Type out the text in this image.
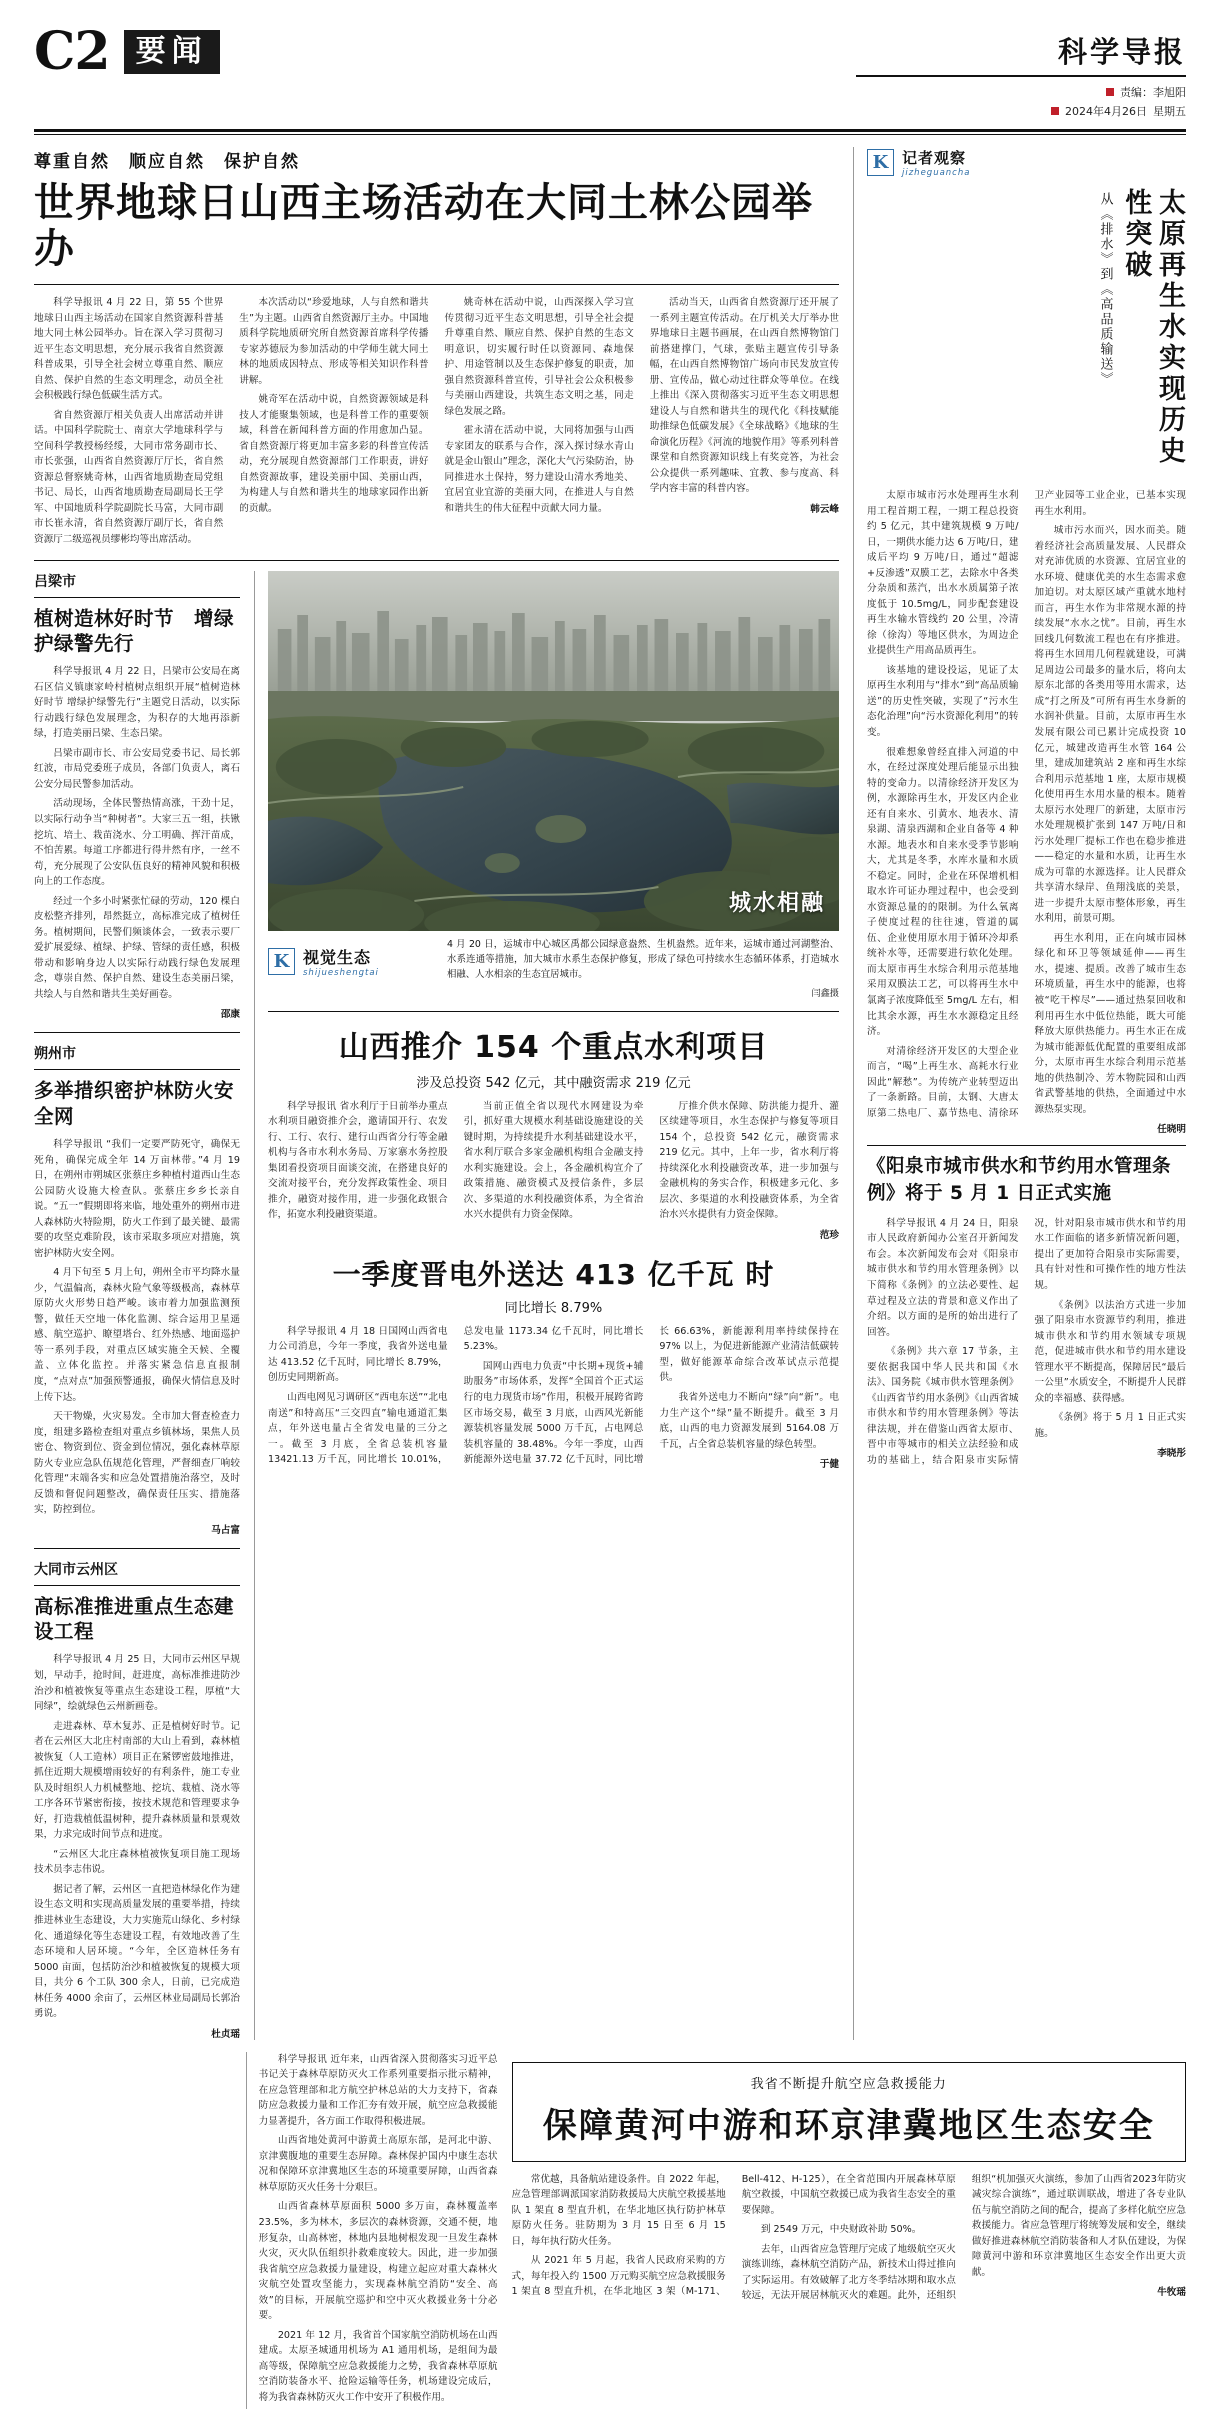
C2 要闻	科学导报
责编：李旭阳
2024年4月26日 星期五
尊重自然　顺应自然　保护自然
世界地球日山西主场活动在大同土林公园举办

科学导报讯 4 月 22 日，第 55 个世界地球日山西主场活动在国家自然资源科普基地大同土林公园举办。旨在深入学习贯彻习近平生态文明思想，充分展示我省自然资源科普成果，引导全社会树立尊重自然、顺应自然、保护自然的生态文明理念，动员全社会积极践行绿色低碳生活方式。

省自然资源厅相关负责人出席活动并讲话。中国科学院院士、南京大学地球科学与空间科学教授杨经绥，大同市常务副市长、市长张强，山西省自然资源厅厅长，省自然资源总督察姚奇林，山西省地质勘查局党组书记、局长，山西省地质勘查局副局长王学军、中国地质科学院副院长马富，大同市副市长崔永清，省自然资源厅副厅长，省自然资源厅二级巡视员缪彬均等出席活动。

本次活动以“珍爱地球，人与自然和谐共生”为主题。山西省自然资源厅主办。中国地质科学院地质研究所自然资源首席科学传播专家苏德辰为参加活动的中学师生就大同土林的地质成因特点、形成等相关知识作科普讲解。

姚奇军在活动中说，自然资源领域是科技人才能聚集领域，也是科普工作的重要领域，科普在新闻科普方面的作用愈加凸显。省自然资源厅将更加丰富多彩的科普宣传活动，充分展现自然资源部门工作职责，讲好自然资源故事，建设美丽中国、美丽山西，为构建人与自然和谐共生的地球家园作出新的贡献。

姚奇林在活动中说，山西深探入学习宣传贯彻习近平生态文明思想，引导全社会提升尊重自然、顺应自然、保护自然的生态文明意识，切实履行时任以资源同、森地保护、用途管制以及生态保护修复的职责，加强自然资源科普宣传，引导社会公众积极参与美丽山西建设，共筑生态文明之基，同走绿色发展之路。

霍永清在活动中说，大同将加强与山西专家团友的联系与合作，深入探讨绿水青山就是金山银山”理念，深化大气污染防治，协同推进水土保持，努力建设山清水秀地美、宜居宜业宜游的美丽大同，在推进人与自然和谐共生的伟大征程中贡献大同力量。

活动当天，山西省自然资源厅还开展了一系列主题宣传活动。在厅机关大厅举办世界地球日主题书画展，在山西自然博物馆门前搭建撑门，气球，张贴主题宣传引导条幅，在山西自然博物馆广场向市民发放宣传册、宣传品，做心动过往群众等单位。在线上推出《深入贯彻落实习近平生态文明思想 建设人与自然和谐共生的现代化《科技赋能 助推绿色低碳发展》《全球战略》《地球的生命演化历程》《河流的地貌作用》等系列科普课堂和自然资源知识线上有奖竞答，为社会公众提供一系列趣味、宜教、参与度高、科学内容丰富的科普内容。

韩云峰
吕梁市
植树造林好时节　增绿护绿警先行

科学导报讯 4 月 22 日，吕梁市公安局在离石区信义镇康家岭村植树点组织开展“植树造林好时节 增绿护绿警先行”主题党日活动，以实际行动践行绿色发展理念，为积存的大地再添新绿，打造美丽吕梁、生态吕梁。

吕梁市副市长、市公安局党委书记、局长郭红波，市局党委班子成员，各部门负责人，离石公安分局民警参加活动。

活动现场，全体民警热情高涨，干劲十足，以实际行动争当“种树者”。大家三五一组，扶锹挖坑、培土、栽苗浇水、分工明确、挥汗苗成，不怕苦累。每道工序都进行得井然有序，一丝不苟，充分展现了公安队伍良好的精神风貌和积极向上的工作态度。

经过一个多小时紧张忙碌的劳动，120 棵白皮松整齐排列，昂然挺立，高标准完成了植树任务。植树期间，民警们频谈体会，一致表示要厂爱扩展爱绿、植绿、护绿、管绿的责任感，积极带动和影响身边人以实际行动践行绿色发展理念，尊崇自然、保护自然、建设生态美丽吕梁，共绘人与自然和谐共生美好画卷。

邵康
朔州市
多举措织密护林防火安全网

科学导报讯 “我们一定要严防死守，确保无死角，确保完成全年 14 万亩林带。”4 月 19 日，在朔州市朔城区张蔡庄乡种植村道西山生态公园防火设施大检查队。张蔡庄乡乡长亲自说。“五一”假期即将来临，地处重外的朔州市进人森林防火特险期，防火工作到了最关键、最需要的攻坚克难阶段，该市采取多项应对措施，筑密护林防火安全网。

4 月下旬至 5 月上旬，朔州全市平均降水量少，气温偏高，森林火险气象等级极高，森林草原防火火形势日趋严峻。该市着力加强监测预警，做任天空地一体化监测、综合运用卫星遥感、航空巡护、瞭望塔台、红外热感、地面巡护等一系列手段，对重点区域实施全天候、全覆盖、立体化监控。并落实紧急信息直报制度，“点对点”加强预警通报，确保火情信息及时上传下达。

天干物燥，火灾易发。全市加大督查检查力度，组建多路检查组对重点乡镇林场，果焦人员密仓、物资到位、资金到位情况，强化森林草原防火专业应急队伍规范化管理，严督细查厂响较化管理“末端各实和应急处置措施治落空，及时反馈和督促问题整改，确保责任压实、措施落实，防控到位。

马占富
大同市云州区
高标准推进重点生态建设工程

科学导报讯 4 月 25 日，大同市云州区早规划，早动手，抢时间，赶进度，高标准推进防沙治沙和植被恢复等重点生态建设工程，厚植“大同绿”，绘就绿色云州新画卷。

走进森林、草木复苏、正是植树好时节。记者在云州区大北庄村南部的大山上看到，森林植被恢复（人工造林）项目正在紧锣密鼓地推进，抓住近期大规模增雨较好的有利条件，施工专业队及时组织人力机械整地、挖坑、栽植、浇水等工序各环节紧密衔接，按技术规范和管理要求争好，打造栽植低温树种，提升森林质量和景观效果，力求完成时间节点和进度。

“云州区大北庄森林植被恢复项目施工现场技术员李志伟说。

据记者了解，云州区一直把造林绿化作为建设生态文明和实现高质量发展的重要举措，持续推进林业生态建设，大力实施荒山绿化、乡村绿化、通道绿化等生态建设工程，有效地改善了生态环境和人居环境。“今年，全区造林任务有 5000 亩面，包括防治沙和植被恢复的规模大项目，共分 6 个工队 300 余人，日前，已完成造林任务 4000 余亩了，云州区林业局副局长郭治勇说。

杜贞瑶
城水相融
K 视觉生态
shijueshengtai
4 月 20 日，运城市中心城区禹都公园绿意盎然、生机盎然。近年来，运城市通过河湖整治、水系连通等措施，加大城市水系生态保护修复，形成了绿色可持续水生态循环体系，打造城水相融、人水相亲的生态宜居城市。
闫鑫摄
山西推介 154 个重点水利项目
涉及总投资 542 亿元，其中融资需求 219 亿元

科学导报讯 省水利厅于日前举办重点水利项目融资推介会，邀请国开行、农发行、工行、农行、建行山西省分行等金融机构与各市水利水务局、万家寨水务控股集团看投资项目面谈交流，在搭建良好的交流对接平台，充分发挥政策性金、项目推介，融资对接作用，进一步强化政银合作，拓宽水利投融资渠道。

当前正值全省以现代水网建设为牵引，抓好重大规模水利基础设施建设的关键时期，为持续提升水利基础建设水平，省水利厅联合多家金融机构组合金融支持水利实施建设。会上，各金融机构宣介了政策措施、融资模式及授信条件，多层次、多渠道的水利投融资体系，为全省治水兴水提供有力资金保障。

厅推介供水保障、防洪能力提升、灌区续建等项目，水生态保护与修复等项目 154 个，总投资 542 亿元，融资需求 219 亿元。其中，上年一步，省水利厅将持续深化水利投融资改革，进一步加强与金融机构的务实合作，积极建多元化、多层次、多渠道的水利投融资体系，为全省治水兴水提供有力资金保障。

范珍
一季度晋电外送达 413 亿千瓦 时
同比增长 8.79%

科学导报讯 4 月 18 日国网山西省电力公司消息，今年一季度，我省外送电量达 413.52 亿千瓦时，同比增长 8.79%，创历史同期新高。

山西电网见习调研区“西电东送”“北电南送”和特高压“三交四直”输电通道汇集点，年外送电量占全省发电量的三分之一。截至 3 月底，全省总装机容量 13421.13 万千瓦，同比增长 10.01%，总发电量 1173.34 亿千瓦时，同比增长 5.23%。

国网山西电力负责“中长期+现货+辅助服务”市场体系，发挥“全国首个正式运行的电力现货市场”作用，积极开展跨省跨区市场交易，截至 3 月底，山西风光新能源装机容量发展 5000 万千瓦，占电网总装机容量的 38.48%。今年一季度，山西新能源外送电量 37.72 亿千瓦时，同比增长 66.63%，新能源利用率持续保持在 97% 以上，为促进新能源产业清洁低碳转型，做好能源革命综合改革试点示范提供。

我省外送电力不断向“绿”向“新”。电力生产这个“绿”量不断提升。截至 3 月底，山西的电力资源发展到 5164.08 万千瓦，占全省总装机容量的绿色转型。

于健
K 记者观察
jizheguancha
太原再生水实现历史性突破
从《排水》到《高品质输送》

太原市城市污水处理再生水利用工程首期工程，一期工程总投资约 5 亿元，其中建筑规模 9 万吨/日，一期供水能力达 6 万吨/日，建成后平均 9 万吨/日，通过“超滤+反渗透”双膜工艺，去除水中各类分杂质和蒸汽，出水水质属第子浓度低于 10.5mg/L，同步配套建设再生水输水管线约 20 公里，冷清徐（徐沟）等地区供水，为周边企业提供生产用高品质再生。

该基地的建设投运，见证了太原再生水利用与“排水”到“高品质输送”的历史性突破，实现了“污水生态化治理”向“污水资源化利用”的转变。

很难想象曾经直排入河道的中水，在经过深度处理后能显示出独特的变命力。以清徐经济开发区为例，水源除再生水，开发区内企业还有自来水、引黄水、地表水、清泉湖、清泉西湖和企业自备等 4 种水源。地表水和自来水受季节影响大，尤其是冬季，水库水量和水质不稳定。同时，企业在环保增机相取水许可证办理过程中，也会受到水资源总量的的限制。为什么氧离子使度过程的往往速，管道的属伍、企业使用原水用于循环冷却系统补水等，还需要进行软化处理。而太原市再生水综合利用示范基地采用双膜法工艺，可以将再生水中氯离子浓度降低至 5mg/L 左右，相比其余水源，再生水水源稳定且经济。

对清徐经济开发区的大型企业而言，“喝”上再生水、高耗水行业因此“解愁”。为传统产业转型迈出了一条新路。目前，太钢、大唐太原第二热电厂、嘉节热电、清徐环卫产业园等工业企业，已基本实现再生水利用。

城市污水而兴，因水而美。随着经济社会高质量发展、人民群众对充沛优质的水资源、宜居宜业的水环境、健康优美的水生态需求愈加迫切。对太原区域产重就水地村而言，再生水作为非常规水源的持续发展“水水之忧”。目前，再生水回线几何数流工程也在有序推进。将再生水回用几何程就建设，可满足周边公司最多的量水后，将向太原东北部的各类用等用水需求，达成“打之所及”可所有再生水身新的水润补供量。目前，太原市再生水发展有限公司已累计完成投资 10 亿元，城建改造再生水管 164 公里，建成加建筑站 2 座和再生水综合利用示范基地 1 座，太原市规模化使用再生水用水量的根本。随着太原污水处理厂的新建，太原市污水处理规模扩张到 147 万吨/日和污水处理厂提标工作也在稳步推进——稳定的水量和水质，让再生水成为可靠的水源选择。让人民群众共享清水绿岸、鱼翔浅底的美景，进一步提升太原市整体形象，再生水利用，前景可期。

再生水利用，正在向城市园林绿化和环卫等领域延伸——再生水，提速、提质。改善了城市生态环境质量，再生水中的能源，也将被“吃干榨尽”——通过热泵回收和利用再生水中低位热能，既大可能释放大原供热能力。再生水正在成为城市能源低优配置的重要组成部分，太原市再生水综合利用示范基地的供热制冷、芳木物院园和山西省武警基地的供热，全面通过中水源热泵实现。

任晓明
《阳泉市城市供水和节约用水管理条例》将于 5 月 1 日正式实施

科学导报讯 4 月 24 日，阳泉市人民政府新闻办公室召开新闻发布会。本次新闻发布会对《阳泉市城市供水和节约用水管理条例》以下简称《条例》的立法必要性、起草过程及立法的背景和意义作出了介绍。以方面的是所的始出进行了回答。

《条例》共六章 17 节条，主要依据我国中华人民共和国《水法》、国务院《城市供水管理条例》《山西省节约用水条例》《山西省城市供水和节约用水管理条例》等法律法规，并在借鉴山西省太原市、晋中市等城市的相关立法经验和成功的基础上，结合阳泉市实际情况，针对阳泉市城市供水和节约用水工作面临的诸多新情况新问题，提出了更加符合阳泉市实际需要，具有针对性和可操作性的地方性法规。

《条例》以法治方式进一步加强了阳泉市水资源节约利用，推进城市供水和节约用水领域专项规范，促进城市供水和节约用水建设管理水平不断提高，保障居民“最后一公里”水质安全，不断提升人民群众的幸福感、获得感。

《条例》将于 5 月 1 日正式实施。

李晓彤

科学导报讯 近年来，山西省深入贯彻落实习近平总书记关于森林草原防灭火工作系列重要指示批示精神，在应急管理部和北方航空护林总站的大力支持下，省森防应急救援力量和工作汇夯有效开展，航空应急救援能力显著提升，各方面工作取得积极进展。

山西省地处黄河中游黄土高原东部，是河北中游、京津冀腹地的重要生态屏障。森林保护国内中康生态状况和保障环京津冀地区生态的环境重要屏障，山西省森林草原防灭火任务十分艰巨。

山西省森林草原面积 5000 多万亩，森林覆盖率 23.5%，多为林木，多层次的森林资源，交通不便，地形复杂，山高林密，林地内县地树根发现一旦发生森林火灾，灭火队伍组织扑救难度较大。因此，进一步加强我省航空应急救援力量建设，构建立起应对重大森林火灾航空处置攻坚能力，实现森林航空消防“安全、高效”的目标，开展航空巡护和空中灭火救援业务十分必要。

2021 年 12 月，我省首个国家航空消防机场在山西建成。太原圣城通用机场为 A1 通用机场，是组间为最高等级，保障航空应急救援能力之势，我省森林草原航空消防装备水平、抢险运输等任务，机场建设完成后，将为我省森林防灭火工作中安开了积极作用。

我省不断提升航空应急救援能力
保障黄河中游和环京津冀地区生态安全

常优越，具备航站建设条件。自 2022 年起，应急管理部调派国家消防救援局大庆航空救援基地队 1 架直 8 型直升机，在华北地区执行防护林草原防火任务。驻防期为 3 月 15 日至 6 月 15 日，每年执行防火任务。

从 2021 年 5 月起，我省人民政府采购的方式，每年投入约 1500 万元购买航空应急救援服务 1 架直 8 型直升机，在华北地区 3 架（M-171、Bell-412、H-125），在全省范围内开展森林草原航空救援，中国航空救援已成为我省生态安全的重要保障。

到 2549 万元，中央财政补助 50%。

去年，山西省应急管理厅完成了地级航空灭火演练训练，森林航空消防产品，新技术山得过推向了实际运用。有效破解了北方冬季结冰期和取水点较远，无法开展居林航灭火的难题。此外，还组织组织“机加强灭火演练，参加了山西省2023年防灾减灾综合演练”，通过联训联战，增进了各专业队伍与航空消防之间的配合，提高了多样化航空应急救援能力。省应急管理厅将统筹发展和安全，继续做好推进森林航空消防装备和人才队伍建设，为保障黄河中游和环京津冀地区生态安全作出更大贡献。

牛牧瑶
